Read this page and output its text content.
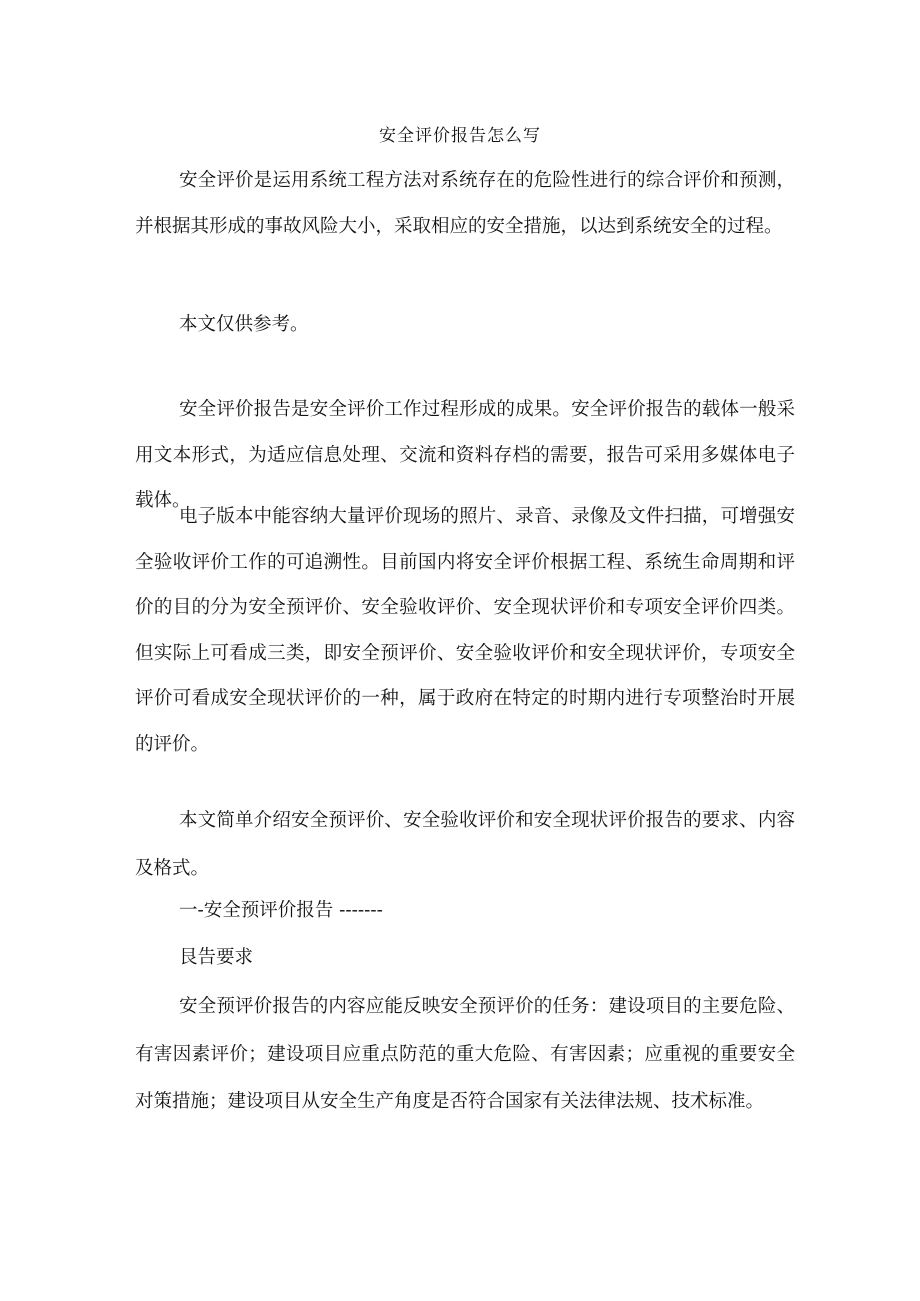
安全评价报告怎么写

安全评价是运用系统工程方法对系统存在的危险性进行的综合评价和预测，并根据其形成的事故风险大小，采取相应的安全措施，以达到系统安全的过程。

本文仅供参考。

安全评价报告是安全评价工作过程形成的成果。安全评价报告的载体一般采用文本形式，为适应信息处理、交流和资料存档的需要，报告可采用多媒体电子载体。

电子版本中能容纳大量评价现场的照片、录音、录像及文件扫描，可增强安全验收评价工作的可追溯性。目前国内将安全评价根据工程、系统生命周期和评价的目的分为安全预评价、安全验收评价、安全现状评价和专项安全评价四类。但实际上可看成三类，即安全预评价、安全验收评价和安全现状评价，专项安全评价可看成安全现状评价的一种，属于政府在特定的时期内进行专项整治时开展的评价。

本文简单介绍安全预评价、安全验收评价和安全现状评价报告的要求、内容及格式。

一-安全预评价报告 -------

艮告要求

安全预评价报告的内容应能反映安全预评价的任务：建设项目的主要危险、有害因素评价；建设项目应重点防范的重大危险、有害因素；应重视的重要安全对策措施；建设项目从安全生产角度是否符合国家有关法律法规、技术标准。
